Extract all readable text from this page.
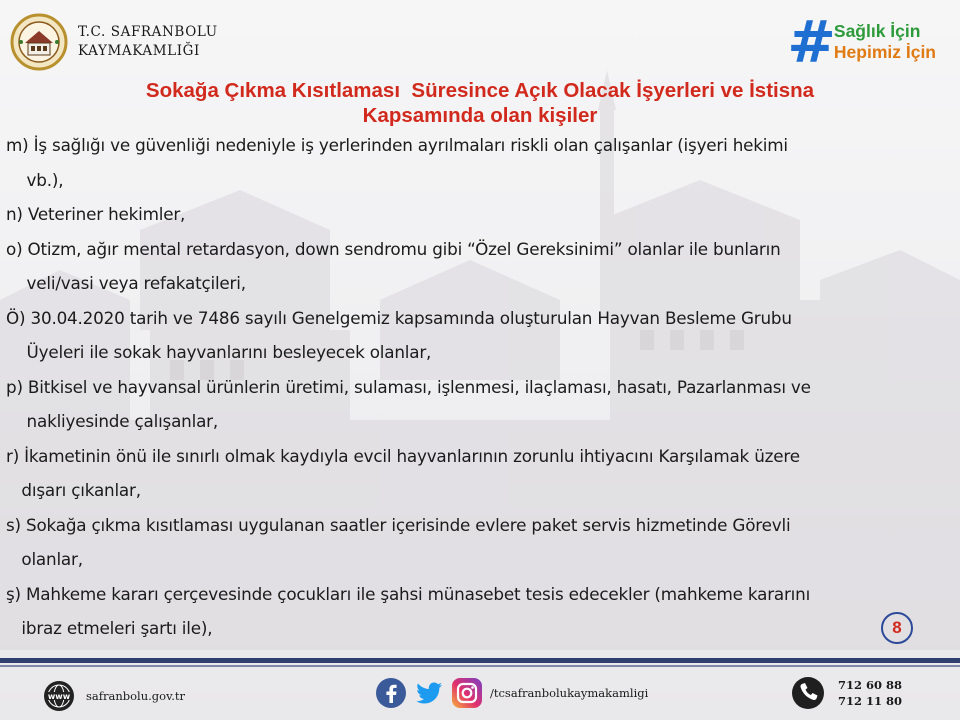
T.C. SAFRANBOLU
KAYMAKAMLIĞI	#
Sağlık İçin
Hepimiz İçin
Sokağa Çıkma Kısıtlaması  Süresince Açık Olacak İşyerleri ve İstisna
Kapsamında olan kişiler
m) İş sağlığı ve güvenliği nedeniyle iş yerlerinden ayrılmaları riskli olan çalışanlar (işyeri hekimi
vb.),
n) Veteriner hekimler,
o) Otizm, ağır mental retardasyon, down sendromu gibi “Özel Gereksinimi” olanlar ile bunların
veli/vasi veya refakatçileri,
Ö) 30.04.2020 tarih ve 7486 sayılı Genelgemiz kapsamında oluşturulan Hayvan Besleme Grubu
Üyeleri ile sokak hayvanlarını besleyecek olanlar,
p) Bitkisel ve hayvansal ürünlerin üretimi, sulaması, işlenmesi, ilaçlaması, hasatı, Pazarlanması ve
nakliyesinde çalışanlar,
r) İkametinin önü ile sınırlı olmak kaydıyla evcil hayvanlarının zorunlu ihtiyacını Karşılamak üzere
dışarı çıkanlar,
s) Sokağa çıkma kısıtlaması uygulanan saatler içerisinde evlere paket servis hizmetinde Görevli
olanlar,
ş) Mahkeme kararı çerçevesinde çocukları ile şahsi münasebet tesis edecekler (mahkeme kararını
ibraz etmeleri şartı ile),	8
www safranbolu.gov.tr	/tcsafranbolukaymakamligi
712 60 88
712 11 80
